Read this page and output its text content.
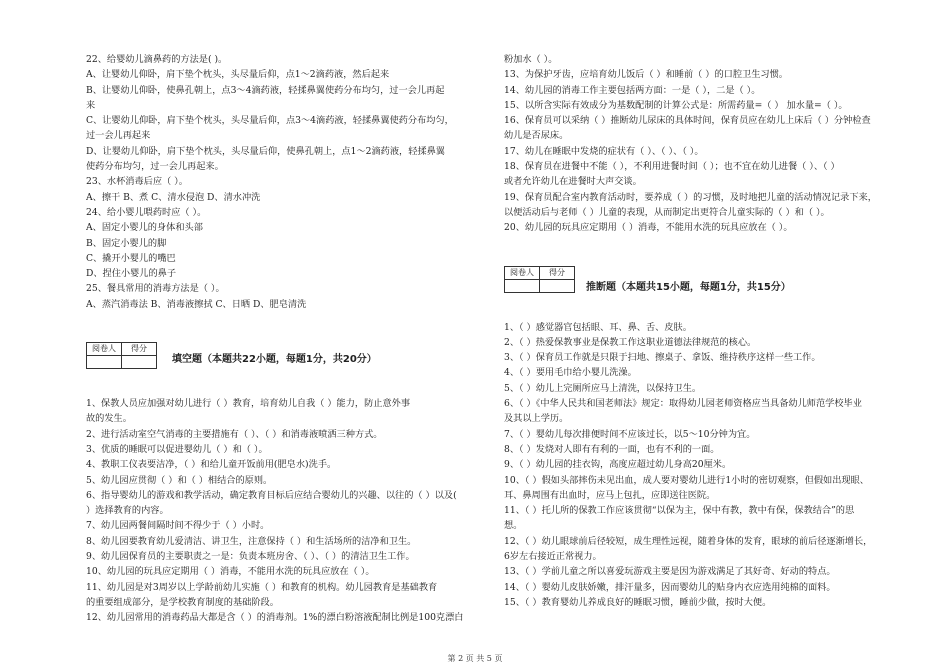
22、给婴幼儿滴鼻药的方法是( )。
A、让婴幼儿仰卧，肩下垫个枕头，头尽量后仰，点1～2滴药液，然后起来
B、让婴幼儿仰卧，使鼻孔朝上，点3～4滴药液，轻揉鼻翼使药分布均匀，过一会儿再起
来
C、让婴幼儿仰卧，肩下垫个枕头，头尽量后仰，点3～4滴药液，轻揉鼻翼使药分布均匀，
过一会儿再起来
D、让婴幼儿仰卧，肩下垫个枕头，头尽量后仰，使鼻孔朝上，点1～2滴药液，轻揉鼻翼
使药分布均匀，过一会儿再起来。
23、水杯消毒后应（ ）。
A、擦干 B、煮 C、清水侵泡 D、清水冲洗
24、给小婴儿喂药时应（ ）。
A、固定小婴儿的身体和头部
B、固定小婴儿的脚
C、撬开小婴儿的嘴巴
D、捏住小婴儿的鼻子
25、餐具常用的消毒方法是（ ）。
A、蒸汽消毒法 B、消毒液擦拭 C、日晒 D、肥皂清洗
阅卷人	得分

填空题（本题共22小题，每题1分，共20分）
1、保教人员应加强对幼儿进行（ ）教育，培育幼儿自我（ ）能力，防止意外事
故的发生。
2、进行活动室空气消毒的主要措施有（ ）、（ ）和消毒液喷洒三种方式。
3、优质的睡眠可以促进婴幼儿（ ）和（ ）。
4、教职工仪表要洁净，（ ）和给儿童开饭前用(肥皂水)洗手。
5、幼儿园应贯彻（ ）和（ ）相结合的原则。
6、指导婴幼儿的游戏和教学活动，确定教育目标后应结合婴幼儿的兴趣、以往的（ ）以及(
）选择教育的内容。
7、幼儿园两餐间隔时间不得少于（ ）小时。
8、幼儿园要教育幼儿爱清洁、讲卫生，注意保持（ ）和生活场所的洁净和卫生。
9、幼儿园保育员的主要职责之一是：负责本班房舍、（ ）、（ ）的清洁卫生工作。
10、幼儿园的玩具应定期用（ ）消毒，不能用水洗的玩具应放在（ ）。
11、幼儿园是对3周岁以上学龄前幼儿实施（ ）和教育的机构。幼儿园教育是基础教育
的重要组成部分，是学校教育制度的基础阶段。
12、幼儿园常用的消毒药品大都是含（ ）的消毒剂。1%的漂白粉溶液配制比例是100克漂白
粉加水（ ）。
13、为保护牙齿，应培育幼儿饭后（ ）和睡前（ ）的口腔卫生习惯。
14、幼儿园的消毒工作主要包括两方面：一是（ ），二是（ ）。
15、以所含实际有效成分为基数配制的计算公式是：所需药量=（ ） 加水量=（ ）。
16、保育员可以采纳（ ）推断幼儿尿床的具体时间，保育员应在幼儿上床后（ ）分钟检查
幼儿是否尿床。
17、幼儿在睡眠中发烧的症状有（ ）、（ ）、（ ）。
18、保育员在进餐中不能（ ），不利用进餐时间（ ）；也不宜在幼儿进餐（ ）、（ ）
或者允许幼儿在进餐时大声交谈。
19、保育员配合室内教育活动时，要养成（ ）的习惯，及时地把儿童的活动情况记录下来，
以便活动后与老师（ ）儿童的表现，从而制定出更符合儿童实际的（ ）和（ ）。
20、幼儿园的玩具应定期用（ ）消毒，不能用水洗的玩具应放在（ ）。
阅卷人	得分

推断题（本题共15小题，每题1分，共15分）
1、（ ）感觉器官包括眼、耳、鼻、舌、皮肤。
2、（ ）热爱保教事业是保教工作这职业道德法律规范的核心。
3、（ ）保育员工作就是只限于扫地、擦桌子、拿饭、维持秩序这样一些工作。
4、（ ）要用毛巾给小婴儿洗澡。
5、（ ）幼儿上完厕所应马上清洗，以保持卫生。
6、（ ）《中华人民共和国老师法》规定：取得幼儿园老师资格应当具备幼儿师范学校毕业
及其以上学历。
7、（ ）婴幼儿每次排便时间不应该过长，以5～10分钟为宜。
8、（ ）发烧对人即有有利的一面，也有不利的一面。
9、（ ）幼儿园的挂衣钩，高度应超过幼儿身高20厘米。
10、（ ）假如头部摔伤未见出血，成人要对婴幼儿进行1小时的密切观察，但假如出现眼、
耳、鼻周围有出血时，应马上包扎，应即送往医院。
11、（ ）托儿所的保教工作应该贯彻“以保为主，保中有教，教中有保，保教结合”的思
想。
12、（ ）幼儿眼球前后径较短，成生理性远视，随着身体的发育，眼球的前后径逐渐增长，
6岁左右接近正常视力。
13、（ ）学前儿童之所以喜爱玩游戏主要是因为游戏满足了其好奇、好动的特点。
14、（ ）婴幼儿皮肤娇嫩，排汗量多，因而婴幼儿的贴身内衣应选用纯棉的面料。
15、（ ）教育婴幼儿养成良好的睡眠习惯，睡前少做，按时大便。
第 2 页 共 5 页
